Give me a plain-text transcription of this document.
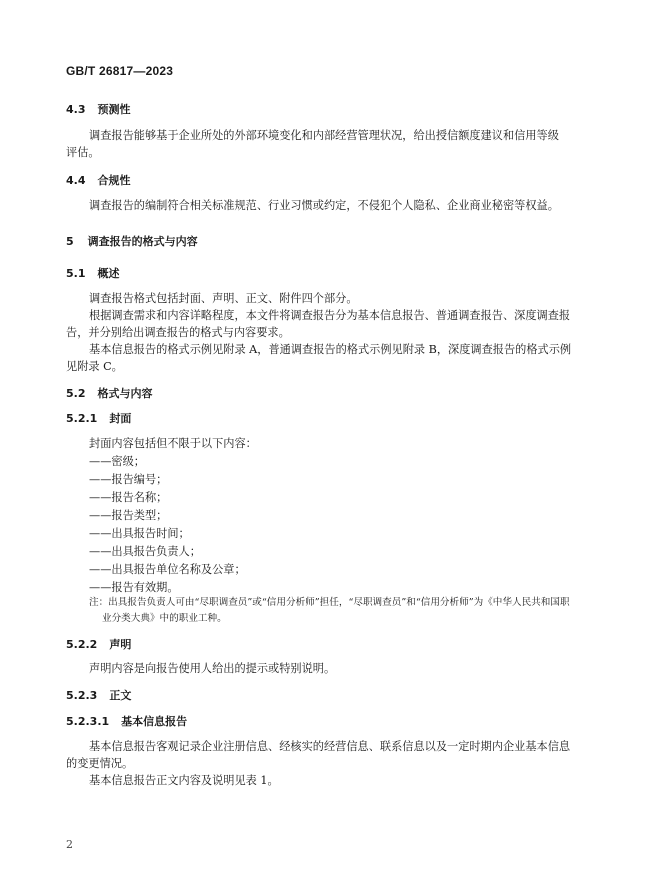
GB/T 26817—2023
4.3 预测性
调查报告能够基于企业所处的外部环境变化和内部经营管理状况，给出授信额度建议和信用等级
评估。
4.4 合规性
调查报告的编制符合相关标准规范、行业习惯或约定，不侵犯个人隐私、企业商业秘密等权益。
5 调查报告的格式与内容
5.1 概述
调查报告格式包括封面、声明、正文、附件四个部分。
根据调查需求和内容详略程度，本文件将调查报告分为基本信息报告、普通调查报告、深度调查报
告，并分别给出调查报告的格式与内容要求。
基本信息报告的格式示例见附录 A，普通调查报告的格式示例见附录 B，深度调查报告的格式示例
见附录 C。
5.2 格式与内容
5.2.1 封面
封面内容包括但不限于以下内容：
——密级；
——报告编号；
——报告名称；
——报告类型；
——出具报告时间；
——出具报告负责人；
——出具报告单位名称及公章；
——报告有效期。
注：出具报告负责人可由“尽职调查员”或“信用分析师”担任，“尽职调查员”和“信用分析师”为《中华人民共和国职
业分类大典》中的职业工种。
5.2.2 声明
声明内容是向报告使用人给出的提示或特别说明。
5.2.3 正文
5.2.3.1 基本信息报告
基本信息报告客观记录企业注册信息、经核实的经营信息、联系信息以及一定时期内企业基本信息
的变更情况。
基本信息报告正文内容及说明见表 1。
2
